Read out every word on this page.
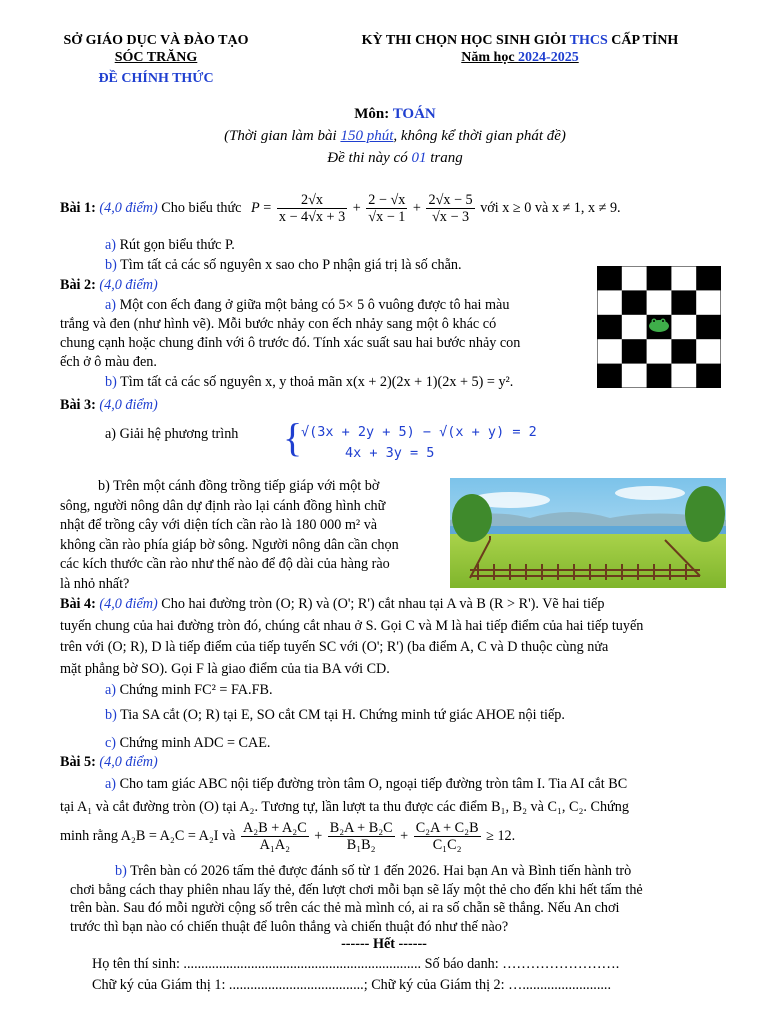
SỞ GIÁO DỤC VÀ ĐÀO TẠO
SÓC TRĂNG
ĐỀ CHÍNH THỨC
KỲ THI CHỌN HỌC SINH GIỎI THCS CẤP TỈNH
Năm học 2024-2025
Môn: TOÁN
(Thời gian làm bài 150 phút, không kể thời gian phát đề)
Đề thi này có 01 trang
Bài 1: (4,0 điểm) Cho biểu thức $P = \frac{2√x}{x - 4√x + 3} + \frac{2 - √x}{√x - 1} + \frac{2√x - 5}{√x - 3}$ với x ≥ 0 và x ≠ 1, x ≠ 9.
a) Rút gọn biểu thức P.
b) Tìm tất cả các số nguyên x sao cho P nhận giá trị là số chẵn.
Bài 2: (4,0 điểm)
a) Một con ếch đang ở giữa một bảng có 5× 5 ô vuông được tô hai màu
trắng và đen (như hình vẽ). Mỗi bước nhảy con ếch nhảy sang một ô khác có
chung cạnh hoặc chung đỉnh với ô trước đó. Tính xác suất sau hai bước nhảy con
ếch ở ô màu đen.
b) Tìm tất cả các số nguyên x, y thoả mãn x(x + 2)(2x + 1)(2x + 5) = y².
Bài 3: (4,0 điểm)
a) Giải hệ phương trình	{
√(3x + 2y + 5) − √(x + y) = 2
4x + 3y = 5
b) Trên một cánh đồng trồng tiếp giáp với một bờ
sông, người nông dân dự định rào lại cánh đồng hình chữ
nhật để trồng cây với diện tích cần rào là 180 000 m² và
không cần rào phía giáp bờ sông. Người nông dân cần chọn
các kích thước cần rào như thế nào để độ dài của hàng rào
là nhỏ nhất?
Bài 4: (4,0 điểm) Cho hai đường tròn (O; R) và (O'; R') cắt nhau tại A và B (R > R'). Vẽ hai tiếp
tuyến chung của hai đường tròn đó, chúng cắt nhau ở S. Gọi C và M là hai tiếp điểm của hai tiếp tuyến
trên với (O; R), D là tiếp điểm của tiếp tuyến SC với (O'; R') (ba điểm A, C và D thuộc cùng nửa
mặt phẳng bờ SO). Gọi F là giao điểm của tia BA với CD.
a) Chứng minh FC² = FA.FB.
b) Tia SA cắt (O; R) tại E, SO cắt CM tại H. Chứng minh tứ giác AHOE nội tiếp.
c) Chứng minh ADC = CAE.
Bài 5: (4,0 điểm)
a) Cho tam giác ABC nội tiếp đường tròn tâm O, ngoại tiếp đường tròn tâm I. Tia AI cắt BC
tại A₁ và cắt đường tròn (O) tại A₂. Tương tự, lần lượt ta thu được các điểm B₁, B₂ và C₁, C₂. Chứng
minh rằng A₂B = A₂C = A₂I và $\frac{\text{A₂B + A₂C}}{\text{A₁A₂}} + \frac{\text{B₂A + B₂C}}{\text{B₁B₂}} + \frac{\text{C₂A + C₂B}}{\text{C₁C₂}} \ge 12$.
b) Trên bàn có 2026 tấm thẻ được đánh số từ 1 đến 2026. Hai bạn An và Bình tiến hành trò
chơi bằng cách thay phiên nhau lấy thẻ, đến lượt chơi mỗi bạn sẽ lấy một thẻ cho đến khi hết tấm thẻ
trên bàn. Sau đó mỗi người cộng số trên các thẻ mà mình có, ai ra số chẵn sẽ thắng. Nếu An chơi
trước thì bạn nào có chiến thuật để luôn thắng và chiến thuật đó như thế nào?
------ Hết ------
Họ tên thí sinh: ................................................................... Số báo danh: …………………….
Chữ ký của Giám thị 1: ......................................; Chữ ký của Giám thị 2: ….........................
